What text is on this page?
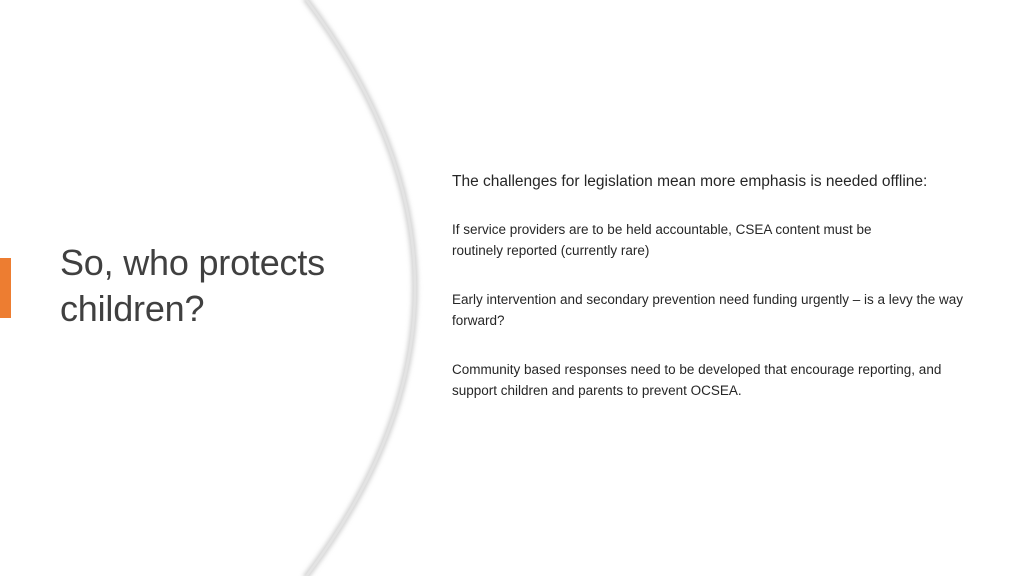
So, who protects children?

The challenges for legislation mean more emphasis is needed offline:

If service providers are to be held accountable, CSEA content must be routinely reported (currently rare)

Early intervention and secondary prevention need funding urgently – is a levy the way forward?

Community based responses need to be developed that encourage reporting, and support children and parents to prevent OCSEA.
